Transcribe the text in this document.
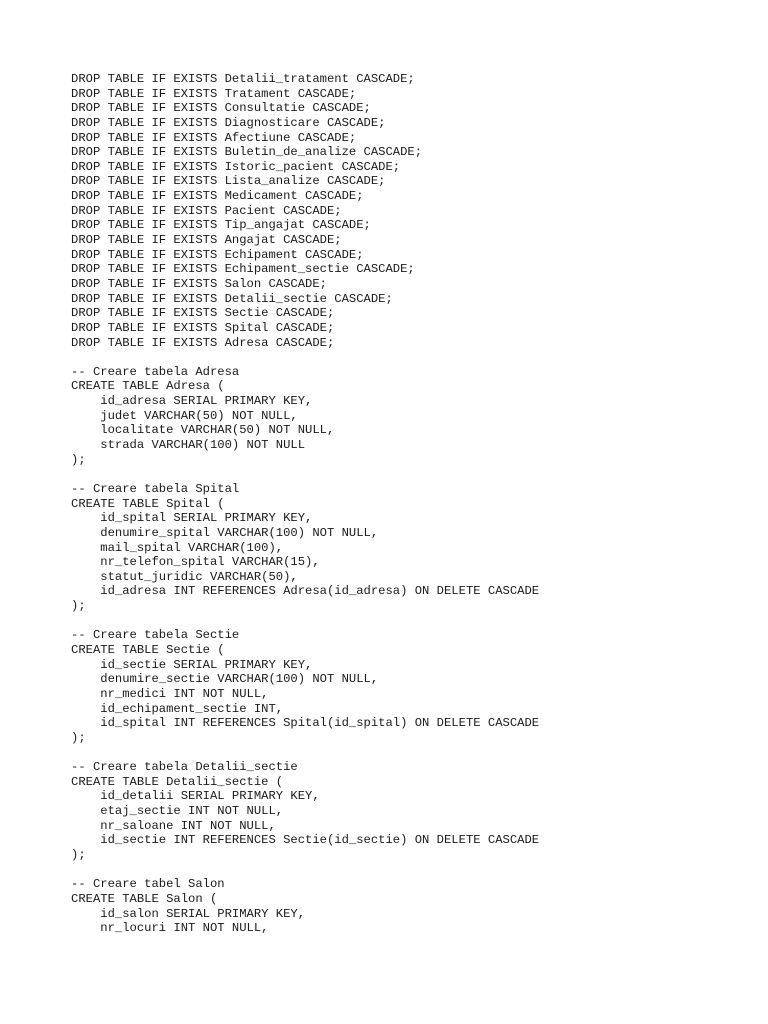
DROP TABLE IF EXISTS Detalii_tratament CASCADE;
DROP TABLE IF EXISTS Tratament CASCADE;
DROP TABLE IF EXISTS Consultatie CASCADE;
DROP TABLE IF EXISTS Diagnosticare CASCADE;
DROP TABLE IF EXISTS Afectiune CASCADE;
DROP TABLE IF EXISTS Buletin_de_analize CASCADE;
DROP TABLE IF EXISTS Istoric_pacient CASCADE;
DROP TABLE IF EXISTS Lista_analize CASCADE;
DROP TABLE IF EXISTS Medicament CASCADE;
DROP TABLE IF EXISTS Pacient CASCADE;
DROP TABLE IF EXISTS Tip_angajat CASCADE;
DROP TABLE IF EXISTS Angajat CASCADE;
DROP TABLE IF EXISTS Echipament CASCADE;
DROP TABLE IF EXISTS Echipament_sectie CASCADE;
DROP TABLE IF EXISTS Salon CASCADE;
DROP TABLE IF EXISTS Detalii_sectie CASCADE;
DROP TABLE IF EXISTS Sectie CASCADE;
DROP TABLE IF EXISTS Spital CASCADE;
DROP TABLE IF EXISTS Adresa CASCADE;
-- Creare tabela Adresa
CREATE TABLE Adresa (
id_adresa SERIAL PRIMARY KEY,
judet VARCHAR(50) NOT NULL,
localitate VARCHAR(50) NOT NULL,
strada VARCHAR(100) NOT NULL
);
-- Creare tabela Spital
CREATE TABLE Spital (
id_spital SERIAL PRIMARY KEY,
denumire_spital VARCHAR(100) NOT NULL,
mail_spital VARCHAR(100),
nr_telefon_spital VARCHAR(15),
statut_juridic VARCHAR(50),
id_adresa INT REFERENCES Adresa(id_adresa) ON DELETE CASCADE
);
-- Creare tabela Sectie
CREATE TABLE Sectie (
id_sectie SERIAL PRIMARY KEY,
denumire_sectie VARCHAR(100) NOT NULL,
nr_medici INT NOT NULL,
id_echipament_sectie INT,
id_spital INT REFERENCES Spital(id_spital) ON DELETE CASCADE
);
-- Creare tabela Detalii_sectie
CREATE TABLE Detalii_sectie (
id_detalii SERIAL PRIMARY KEY,
etaj_sectie INT NOT NULL,
nr_saloane INT NOT NULL,
id_sectie INT REFERENCES Sectie(id_sectie) ON DELETE CASCADE
);
-- Creare tabel Salon
CREATE TABLE Salon (
id_salon SERIAL PRIMARY KEY,
nr_locuri INT NOT NULL,
